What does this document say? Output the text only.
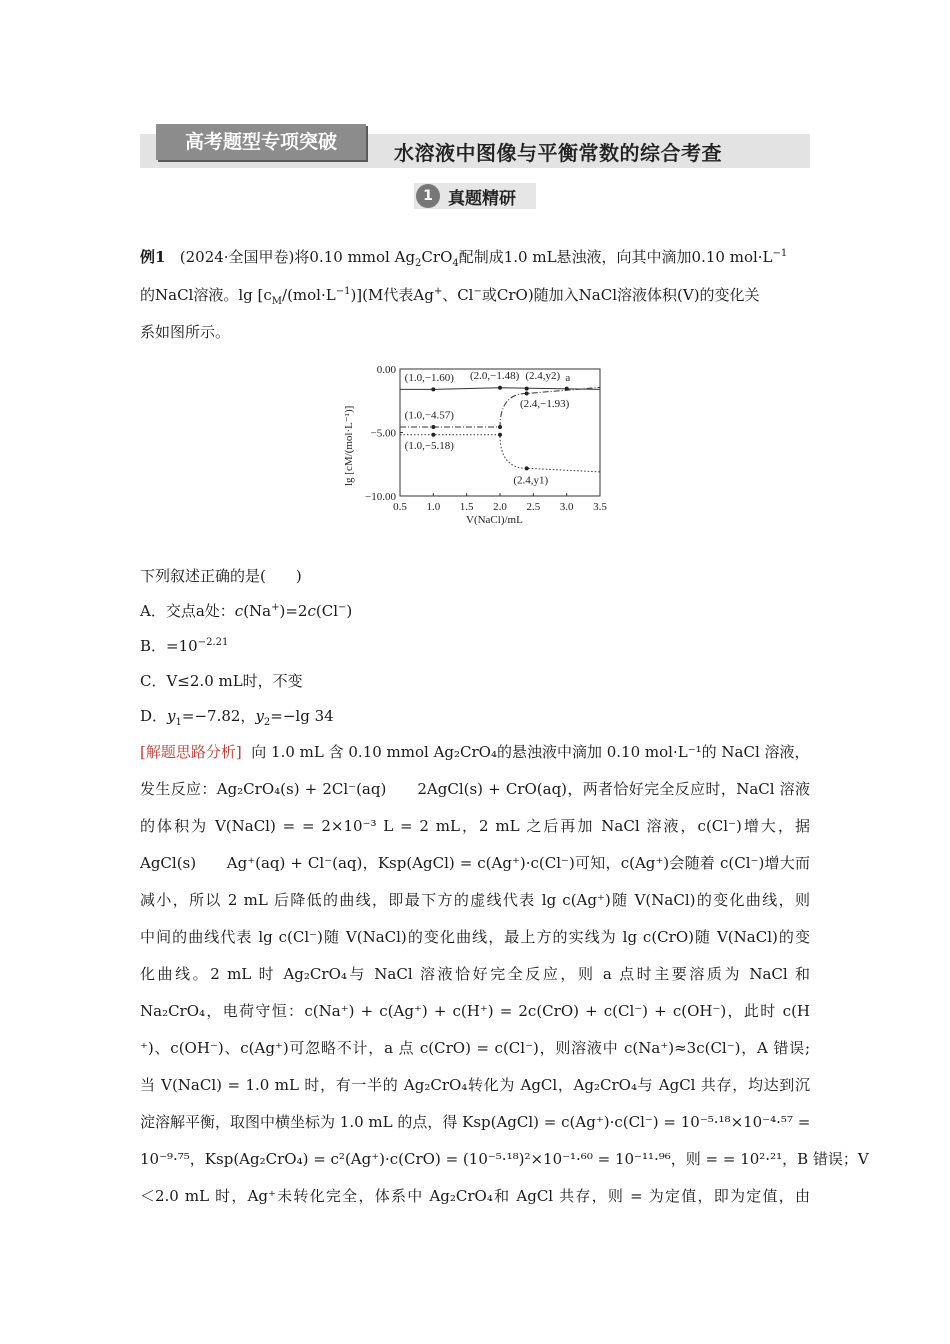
高考题型专项突破	水溶液中图像与平衡常数的综合考查
1 真题精研
例1 (2024·全国甲卷)将0.10 mmol $Ag_2CrO_4$配制成1.0 mL悬浊液，向其中滴加0.10 $mol\cdot L^{-1}$
的NaCl溶液。$\lg [c_M/(mol\cdot L^{-1})](M$代表Ag+、Cl−或CrO)随加入NaCl溶液体积(V)的变化关
系如图所示。
0.5 1.0 1.5 2.0 2.5 3.0 3.5
0.00
−5.00
−10.00
(1.0,−1.60) (2.0,−1.48) (2.4,y2) a
(2.4,−1.93)
(1.0,−4.57)
(1.0,−5.18)
(2.4,y1)
V(NaCl)/mL
lg [cM/(mol·L⁻¹)]
下列叙述正确的是(　　)
A．交点a处：c(Na+)=2c(Cl−)
B．$=10^{-2.21}$
C．V≤2.0 mL时，不变
D．$y_1=-7.82$，$y_2=-\lg$ 34
[解题思路分析] 向 1.0 mL 含 0.10 mmol Ag₂CrO₄的悬浊液中滴加 0.10 mol·L⁻¹的 NaCl 溶液，
发生反应：Ag₂CrO₄(s) + 2Cl⁻(aq)　　2AgCl(s) + CrO(aq)，两者恰好完全反应时，NaCl 溶液
的体积为 V(NaCl) = = 2×10⁻³ L = 2 mL，2 mL 之后再加 NaCl 溶液，c(Cl⁻)增大，据
AgCl(s)　　Ag⁺(aq) + Cl⁻(aq)，Ksp(AgCl) = c(Ag⁺)·c(Cl⁻)可知，c(Ag⁺)会随着 c(Cl⁻)增大而
减小，所以 2 mL 后降低的曲线，即最下方的虚线代表 lg c(Ag⁺)随 V(NaCl)的变化曲线，则
中间的曲线代表 lg c(Cl⁻)随 V(NaCl)的变化曲线，最上方的实线为 lg c(CrO)随 V(NaCl)的变
化曲线。2 mL 时 Ag₂CrO₄与 NaCl 溶液恰好完全反应，则 a 点时主要溶质为 NaCl 和
Na₂CrO₄，电荷守恒：c(Na⁺) + c(Ag⁺) + c(H⁺) = 2c(CrO) + c(Cl⁻) + c(OH⁻)，此时 c(H
⁺)、c(OH⁻)、c(Ag⁺)可忽略不计，a 点 c(CrO) = c(Cl⁻)，则溶液中 c(Na⁺)≈3c(Cl⁻)，A 错误;
当 V(NaCl) = 1.0 mL 时，有一半的 Ag₂CrO₄转化为 AgCl，Ag₂CrO₄与 AgCl 共存，均达到沉
淀溶解平衡，取图中横坐标为 1.0 mL 的点，得 Ksp(AgCl) = c(Ag⁺)·c(Cl⁻) = 10⁻⁵·¹⁸×10⁻⁴·⁵⁷ =
10⁻⁹·⁷⁵，Ksp(Ag₂CrO₄) = c²(Ag⁺)·c(CrO) = (10⁻⁵·¹⁸)²×10⁻¹·⁶⁰ = 10⁻¹¹·⁹⁶，则 = = 10²·²¹，B 错误；V
＜2.0 mL 时，Ag⁺未转化完全，体系中 Ag₂CrO₄和 AgCl 共存，则 = 为定值，即为定值，由
